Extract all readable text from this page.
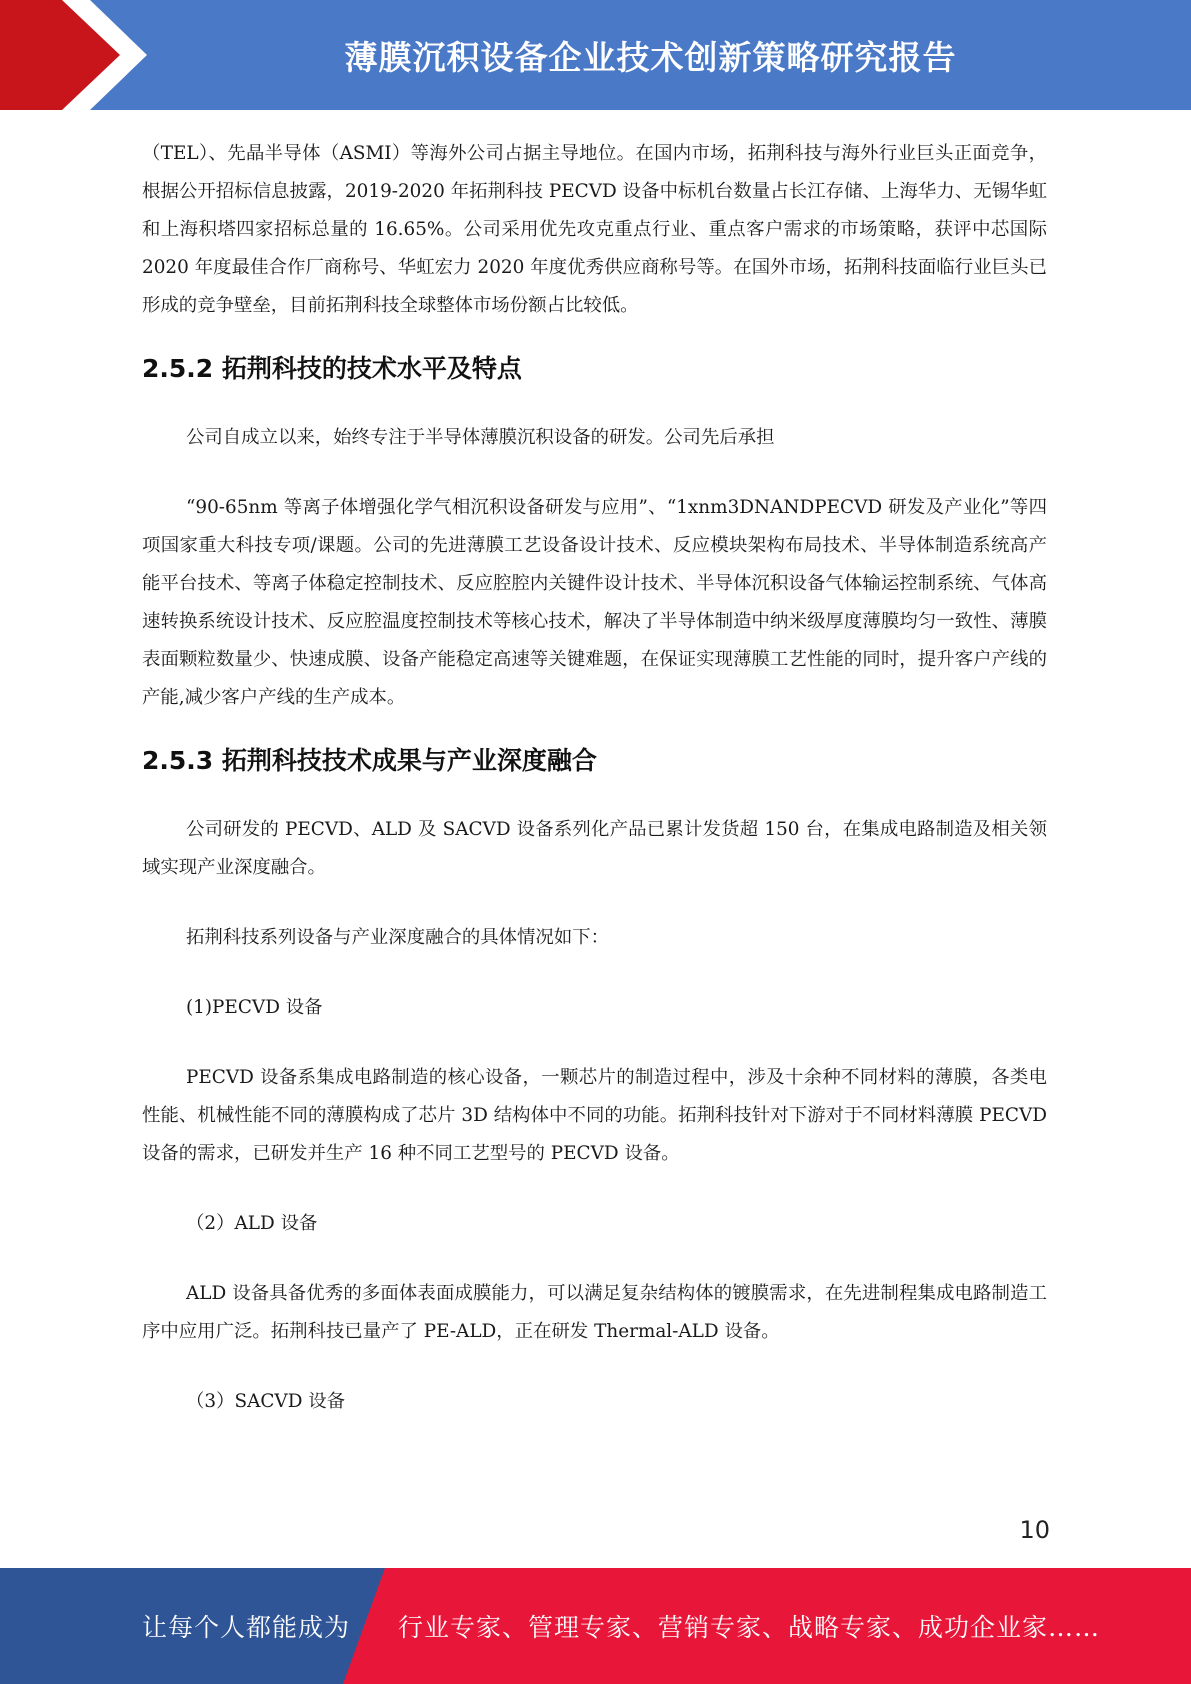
薄膜沉积设备企业技术创新策略研究报告

（TEL）、先晶半导体（ASMI）等海外公司占据主导地位。在国内市场，拓荆科技与海外行业巨头正面竞争，根据公开招标信息披露，2019-2020 年拓荆科技 PECVD 设备中标机台数量占长江存储、上海华力、无锡华虹和上海积塔四家招标总量的 16.65%。公司采用优先攻克重点行业、重点客户需求的市场策略，获评中芯国际 2020 年度最佳合作厂商称号、华虹宏力 2020 年度优秀供应商称号等。在国外市场，拓荆科技面临行业巨头已形成的竞争壁垒，目前拓荆科技全球整体市场份额占比较低。

2.5.2 拓荆科技的技术水平及特点

公司自成立以来，始终专注于半导体薄膜沉积设备的研发。公司先后承担

“90-65nm 等离子体增强化学气相沉积设备研发与应用”、“1xnm3DNANDPECVD 研发及产业化”等四项国家重大科技专项/课题。公司的先进薄膜工艺设备设计技术、反应模块架构布局技术、半导体制造系统高产能平台技术、等离子体稳定控制技术、反应腔腔内关键件设计技术、半导体沉积设备气体输运控制系统、气体高速转换系统设计技术、反应腔温度控制技术等核心技术，解决了半导体制造中纳米级厚度薄膜均匀一致性、薄膜表面颗粒数量少、快速成膜、设备产能稳定高速等关键难题，在保证实现薄膜工艺性能的同时，提升客户产线的产能,减少客户产线的生产成本。

2.5.3 拓荆科技技术成果与产业深度融合

公司研发的 PECVD、ALD 及 SACVD 设备系列化产品已累计发货超 150 台，在集成电路制造及相关领域实现产业深度融合。

拓荆科技系列设备与产业深度融合的具体情况如下：

(1)PECVD 设备

PECVD 设备系集成电路制造的核心设备，一颗芯片的制造过程中，涉及十余种不同材料的薄膜，各类电性能、机械性能不同的薄膜构成了芯片 3D 结构体中不同的功能。拓荆科技针对下游对于不同材料薄膜 PECVD 设备的需求，已研发并生产 16 种不同工艺型号的 PECVD 设备。

（2）ALD 设备

ALD 设备具备优秀的多面体表面成膜能力，可以满足复杂结构体的镀膜需求，在先进制程集成电路制造工序中应用广泛。拓荆科技已量产了 PE-ALD，正在研发 Thermal-ALD 设备。

（3）SACVD 设备

10
让每个人都能成为 行业专家、管理专家、营销专家、战略专家、成功企业家……
